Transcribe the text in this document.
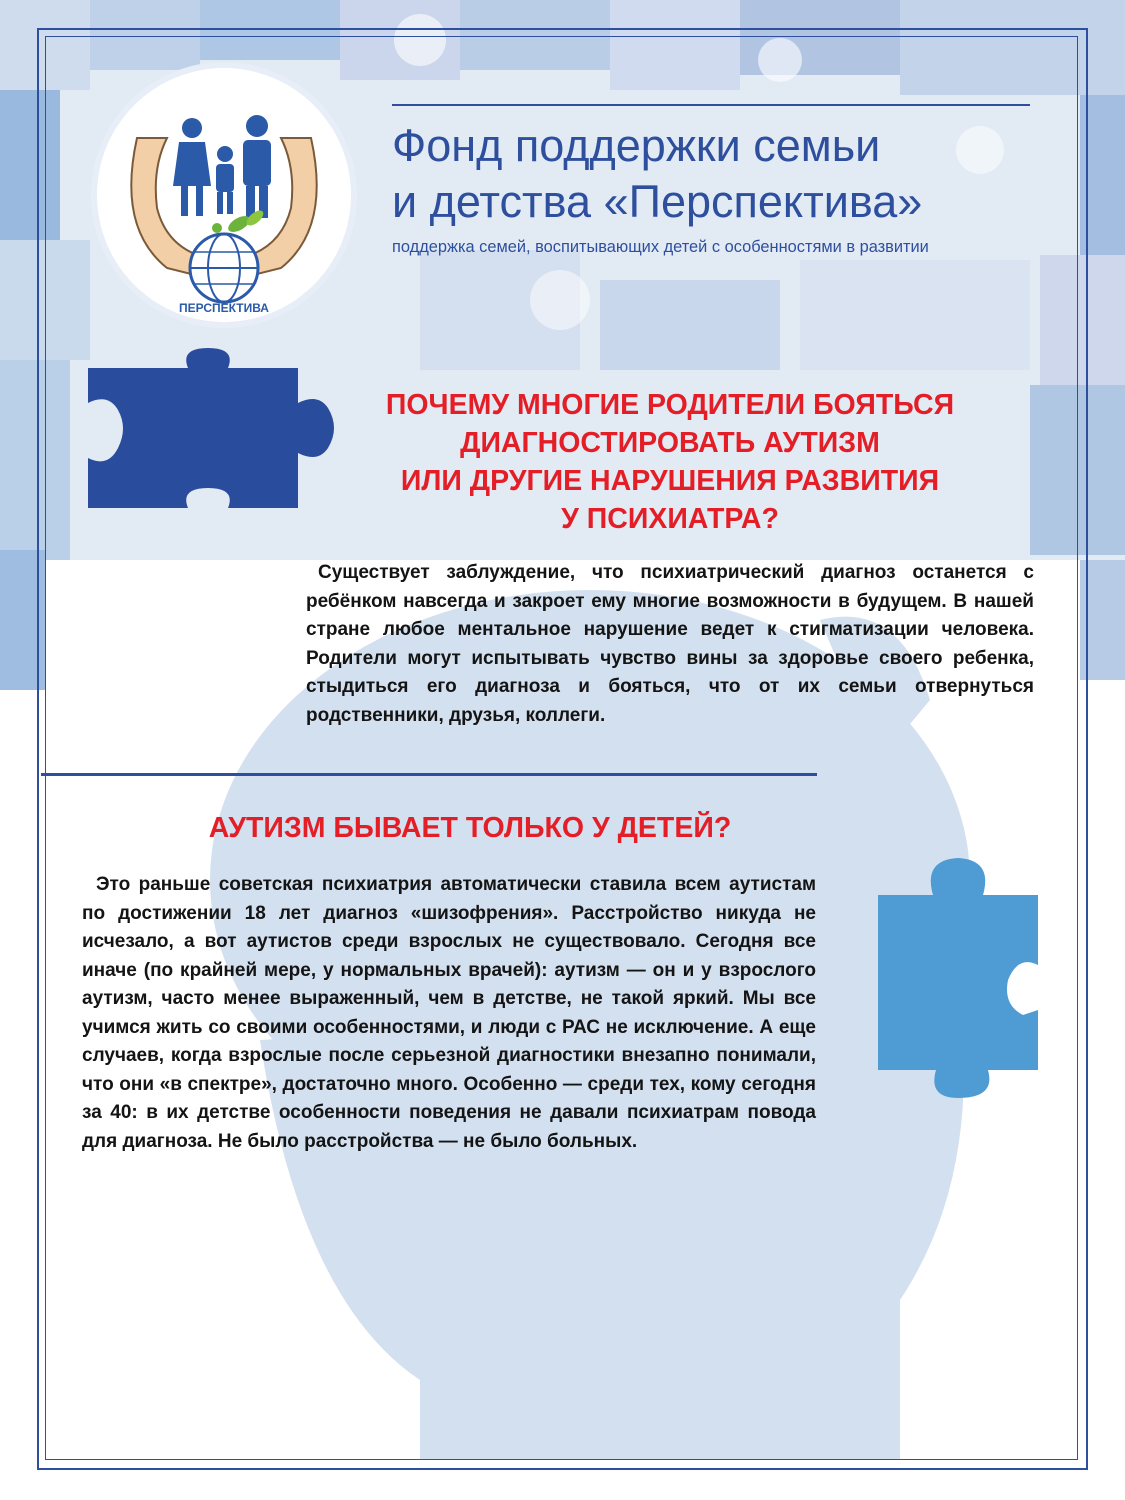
ПЕРСПЕКТИВА
Фонд поддержки семьи
и детства «Перспектива»
поддержка семей, воспитывающих детей с особенностями в развитии
ПОЧЕМУ МНОГИЕ РОДИТЕЛИ БОЯТЬСЯ
ДИАГНОСТИРОВАТЬ АУТИЗМ
ИЛИ ДРУГИЕ НАРУШЕНИЯ РАЗВИТИЯ
У ПСИХИАТРА?

Существует заблуждение, что психиатрический диагноз останется с ребёнком навсегда и закроет ему многие возможности в будущем. В нашей стране любое ментальное нарушение ведет к стигматизации человека. Родители могут испытывать чувство вины за здоровье своего ребенка, стыдиться его диагноза и бояться, что от их семьи отвернуться родственники, друзья, коллеги.

АУТИЗМ БЫВАЕТ ТОЛЬКО У ДЕТЕЙ?

Это раньше советская психиатрия автоматически ставила всем аутистам по достижении 18 лет диагноз «шизофрения». Расстройство никуда не исчезало, а вот аутистов среди взрослых не существовало. Сегодня все иначе (по крайней мере, у нормальных врачей): аутизм — он и у взрослого аутизм, часто менее выраженный, чем в детстве, не такой яркий. Мы все учимся жить со своими особенностями, и люди с РАС не исключение. А еще случаев, когда взрослые после серьезной диагностики внезапно понимали, что они «в спектре», достаточно много. Особенно — среди тех, кому сегодня за 40: в их детстве особенности поведения не давали психиатрам повода для диагноза. Не было расстройства — не было больных.
